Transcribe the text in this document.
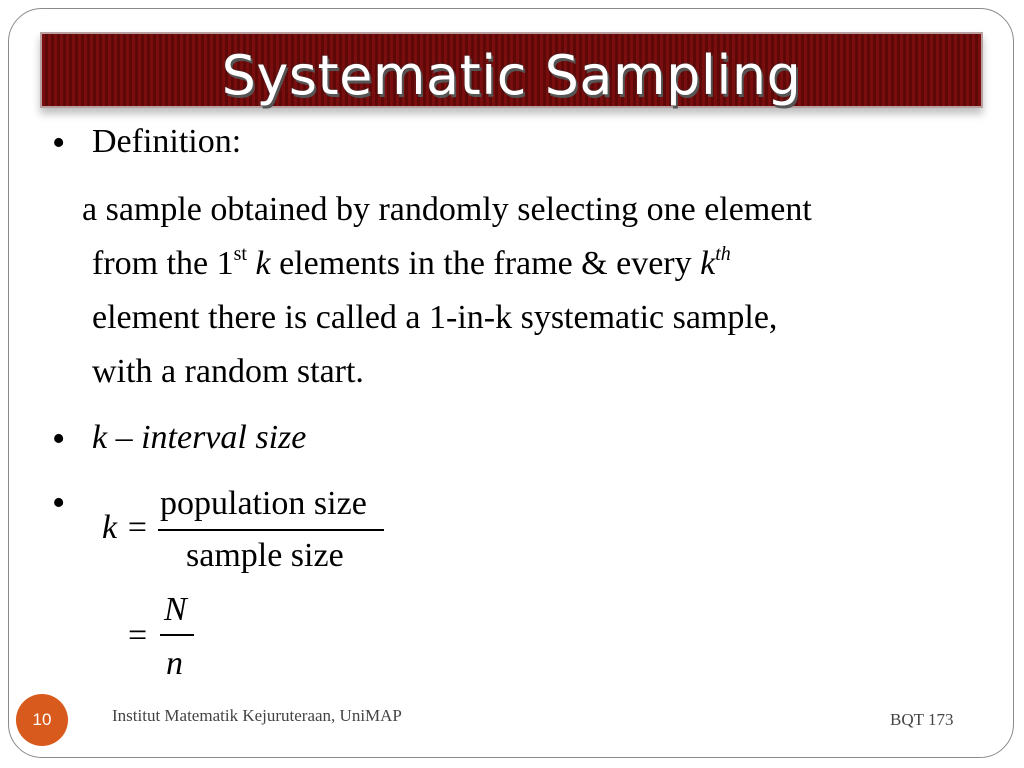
Systematic Sampling
• Definition:
a sample obtained by randomly selecting one element
from the 1st k elements in the frame & every $k^{th}$
element there is called a 1-in-k systematic sample,
with a random start.
• k – interval size
•
k =
population size
sample size
=
N
n
10	Institut Matematik Kejuruteraan, UniMAP	BQT 173
